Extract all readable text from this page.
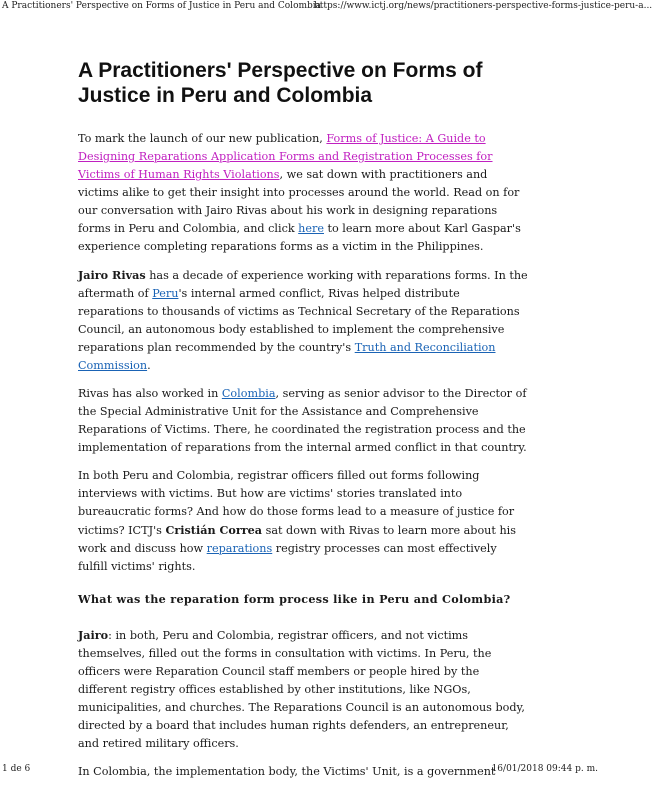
A Practitioners' Perspective on Forms of Justice in Peru and Colombia
https://www.ictj.org/news/practitioners-perspective-forms-justice-peru-a...
A Practitioners' Perspective on Forms of Justice in Peru and Colombia

To mark the launch of our new publication, Forms of Justice: A Guide to Designing Reparations Application Forms and Registration Processes for Victims of Human Rights Violations, we sat down with practitioners and victims alike to get their insight into processes around the world. Read on for our conversation with Jairo Rivas about his work in designing reparations forms in Peru and Colombia, and click here to learn more about Karl Gaspar's experience completing reparations forms as a victim in the Philippines.

Jairo Rivas has a decade of experience working with reparations forms. In the aftermath of Peru's internal armed conflict, Rivas helped distribute reparations to thousands of victims as Technical Secretary of the Reparations Council, an autonomous body established to implement the comprehensive reparations plan recommended by the country's Truth and Reconciliation Commission.

Rivas has also worked in Colombia, serving as senior advisor to the Director of the Special Administrative Unit for the Assistance and Comprehensive Reparations of Victims. There, he coordinated the registration process and the implementation of reparations from the internal armed conflict in that country.

In both Peru and Colombia, registrar officers filled out forms following interviews with victims. But how are victims' stories translated into bureaucratic forms? And how do those forms lead to a measure of justice for victims? ICTJ's Cristián Correa sat down with Rivas to learn more about his work and discuss how reparations registry processes can most effectively fulfill victims' rights.

What was the reparation form process like in Peru and Colombia?

Jairo: in both, Peru and Colombia, registrar officers, and not victims themselves, filled out the forms in consultation with victims. In Peru, the officers were Reparation Council staff members or people hired by the different registry offices established by other institutions, like NGOs, municipalities, and churches. The Reparations Council is an autonomous body, directed by a board that includes human rights defenders, an entrepreneur, and retired military officers.

In Colombia, the implementation body, the Victims' Unit, is a government

1 de 6	16/01/2018 09:44 p. m.
